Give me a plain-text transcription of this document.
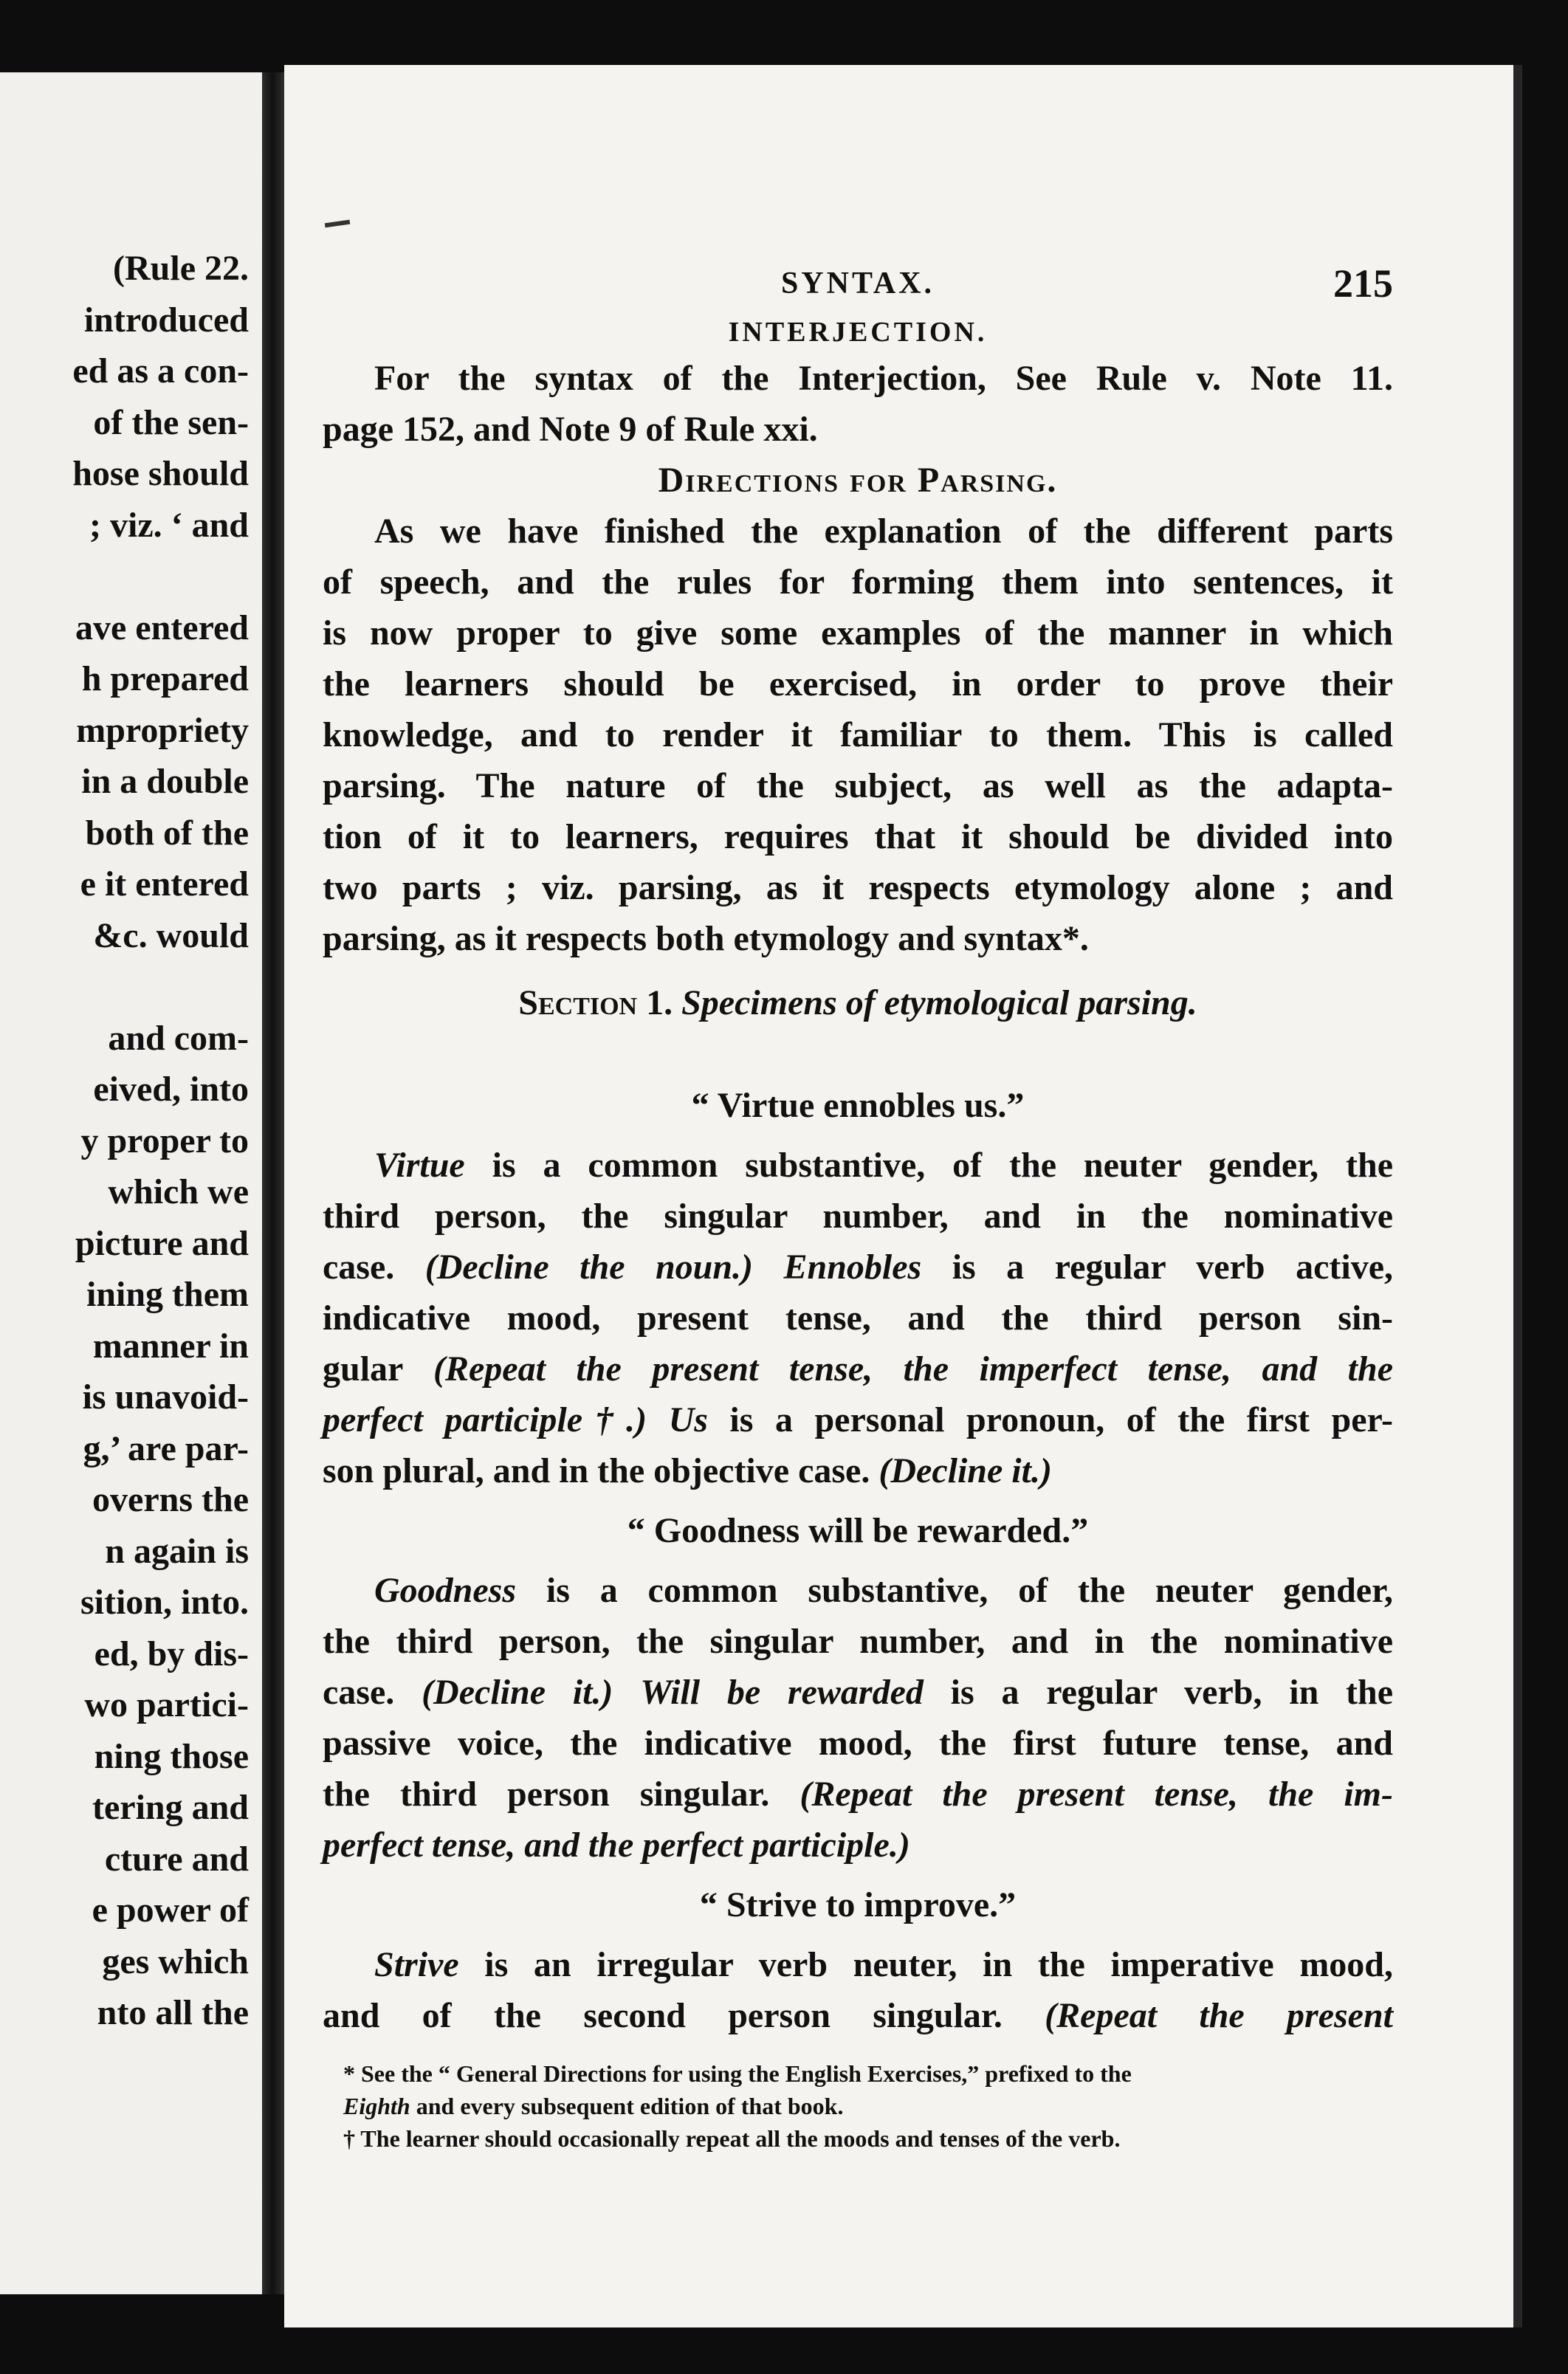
(Rule 22.
introduced
ed as a con-
of the sen-
hose should
; viz. ‘ and
ave entered
h prepared
mpropriety
in a double
both of the
e it entered
&c. would
and com-
eived, into
y proper to
which we
picture and
ining them
manner in
is unavoid-
g,’ are par-
overns the
n again is
sition, into.
ed, by dis-
wo partici-
ning those
tering and
cture and
e power of
ges which
nto all the
SYNTAX.	215
INTERJECTION.
For the syntax of the Interjection, See Rule v. Note 11.
page 152, and Note 9 of Rule xxi.
Directions for Parsing.
As we have finished the explanation of the different parts
of speech, and the rules for forming them into sentences, it
is now proper to give some examples of the manner in which
the learners should be exercised, in order to prove their
knowledge, and to render it familiar to them. This is called
parsing. The nature of the subject, as well as the adapta-
tion of it to learners, requires that it should be divided into
two parts ; viz. parsing, as it respects etymology alone ; and
parsing, as it respects both etymology and syntax*.
Section 1. Specimens of etymological parsing.
“ Virtue ennobles us.”
Virtue is a common substantive, of the neuter gender, the
third person, the singular number, and in the nominative
case. (Decline the noun.) Ennobles is a regular verb active,
indicative mood, present tense, and the third person sin-
gular (Repeat the present tense, the imperfect tense, and the
perfect participle†.) Us is a personal pronoun, of the first per-
son plural, and in the objective case. (Decline it.)
“ Goodness will be rewarded.”
Goodness is a common substantive, of the neuter gender,
the third person, the singular number, and in the nominative
case. (Decline it.) Will be rewarded is a regular verb, in the
passive voice, the indicative mood, the first future tense, and
the third person singular. (Repeat the present tense, the im-
perfect tense, and the perfect participle.)
“ Strive to improve.”
Strive is an irregular verb neuter, in the imperative mood,
and of the second person singular. (Repeat the present
* See the “ General Directions for using the English Exercises,” prefixed to the
Eighth and every subsequent edition of that book.
† The learner should occasionally repeat all the moods and tenses of the verb.
